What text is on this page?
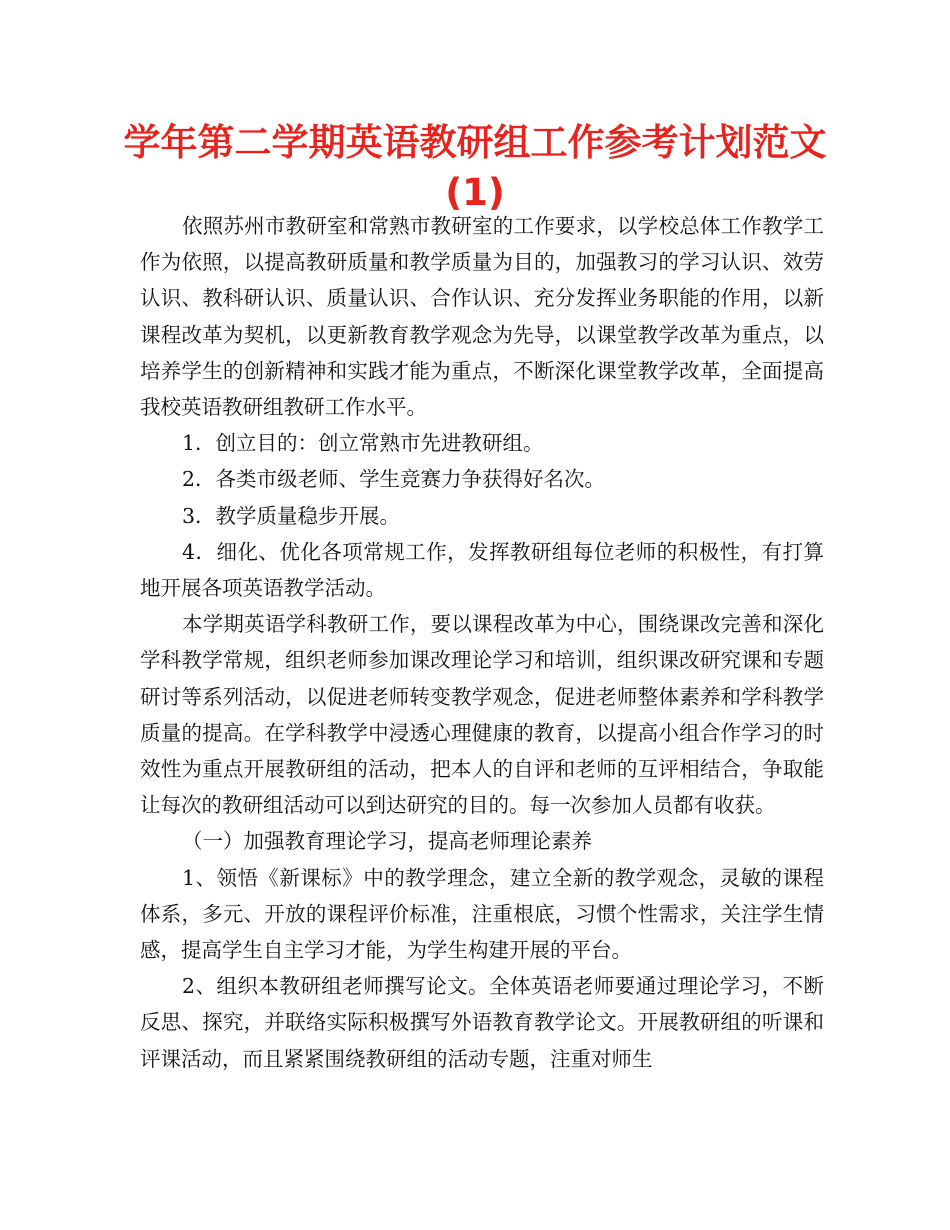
学年第二学期英语教研组工作参考计划范文(1)

依照苏州市教研室和常熟市教研室的工作要求，以学校总体工作教学工作为依照，以提高教研质量和教学质量为目的，加强教习的学习认识、效劳认识、教科研认识、质量认识、合作认识、充分发挥业务职能的作用，以新课程改革为契机，以更新教育教学观念为先导，以课堂教学改革为重点，以培养学生的创新精神和实践才能为重点，不断深化课堂教学改革，全面提高我校英语教研组教研工作水平。

1．创立目的：创立常熟市先进教研组。

2．各类市级老师、学生竞赛力争获得好名次。

3．教学质量稳步开展。

4．细化、优化各项常规工作，发挥教研组每位老师的积极性，有打算地开展各项英语教学活动。

本学期英语学科教研工作，要以课程改革为中心，围绕课改完善和深化学科教学常规，组织老师参加课改理论学习和培训，组织课改研究课和专题研讨等系列活动，以促进老师转变教学观念，促进老师整体素养和学科教学质量的提高。在学科教学中浸透心理健康的教育，以提高小组合作学习的时效性为重点开展教研组的活动，把本人的自评和老师的互评相结合，争取能让每次的教研组活动可以到达研究的目的。每一次参加人员都有收获。

（一）加强教育理论学习，提高老师理论素养

1、领悟《新课标》中的教学理念，建立全新的教学观念，灵敏的课程体系，多元、开放的课程评价标准，注重根底，习惯个性需求，关注学生情感，提高学生自主学习才能，为学生构建开展的平台。

2、组织本教研组老师撰写论文。全体英语老师要通过理论学习，不断反思、探究，并联络实际积极撰写外语教育教学论文。开展教研组的听课和评课活动，而且紧紧围绕教研组的活动专题，注重对师生
